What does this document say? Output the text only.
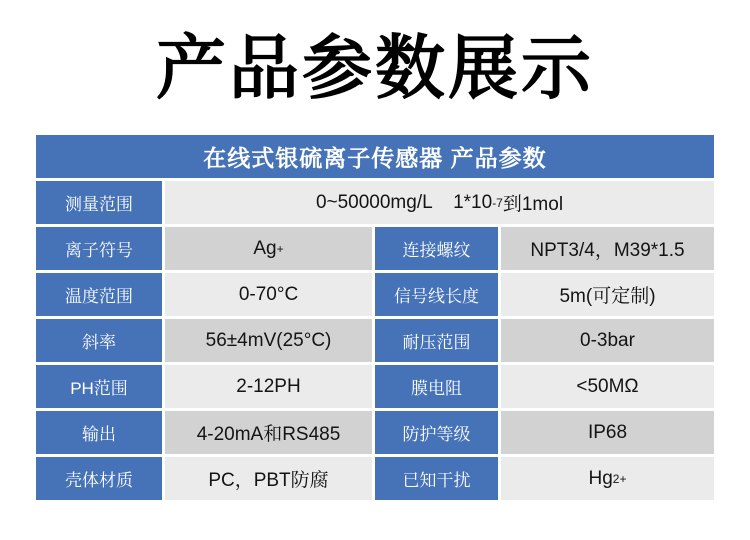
产品参数展示
在线式银硫离子传感器 产品参数
测量范围	0~50000mg/L    1*10 -7 到1mol
离子符号	Ag +	连接螺纹	NPT3/4，M39*1.5
温度范围	0-70°C	信号线长度	5m(可定制)
斜率	56±4mV(25°C)	耐压范围	0-3bar
PH范围	2-12PH	膜电阻	<50MΩ
输出	4-20mA和RS485	防护等级	IP68
壳体材质	PC，PBT防腐	已知干扰	Hg 2+
